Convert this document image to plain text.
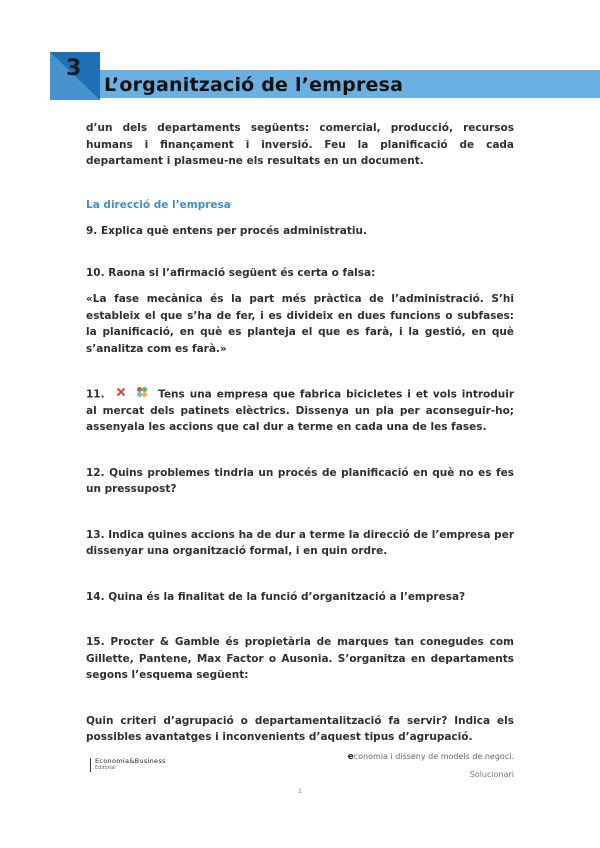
3
L’organització de l’empresa

d’un dels departaments següents: comercial, producció, recursos humans i finançament i inversió. Feu la planificació de cada departament i plasmeu-ne els resultats en un document.

La direcció de l’empresa

9. Explica què entens per procés administratiu.

10. Raona si l’afirmació següent és certa o falsa:

«La fase mecànica és la part més pràctica de l’administració. S’hi estableix el que s’ha de fer, i es divideix en dues funcions o subfases: la planificació, en què es planteja el que es farà, i la gestió, en què s’analitza com es farà.»

11.	Tens una empresa que fabrica bicicletes i et vols introduir al mercat dels patinets elèctrics. Dissenya un pla per aconseguir-ho; assenyala les accions que cal dur a terme en cada una de les fases.

12. Quins problemes tindria un procés de planificació en què no es fes un pressupost?

13. Indica quines accions ha de dur a terme la direcció de l’empresa per dissenyar una organització formal, i en quin ordre.

14. Quina és la finalitat de la funció d’organització a l’empresa?

15. Procter & Gamble és propietària de marques tan conegudes com Gillette, Pantene, Max Factor o Ausonia. S’organitza en departaments segons l’esquema següent:

Quin criteri d’agrupació o departamentalització fa servir? Indica els possibles avantatges i inconvenients d’aquest tipus d’agrupació.

Economia&Business
Editorial
economia i disseny de models de negoci.
Solucionari
2
